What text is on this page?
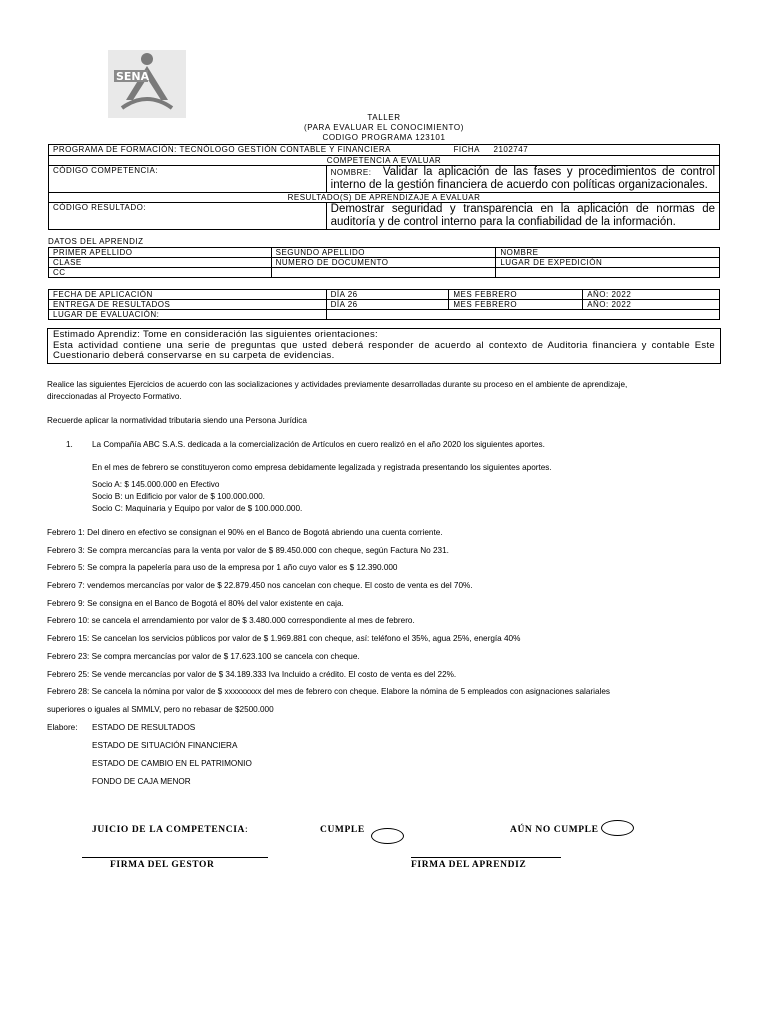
SENA
TALLER
(PARA EVALUAR EL CONOCIMIENTO)
CODIGO PROGRAMA 123101
PROGRAMA DE FORMACIÓN: TECNÓLOGO GESTIÓN CONTABLE Y FINANCIERA FICHA 2102747	

COMPETENCIA A EVALUAR	
CÓDIGO COMPETENCIA:	NOMBRE: Validar la aplicación de las fases y procedimientos de control interno de la gestión financiera de acuerdo con políticas organizacionales.
RESULTADO(S) DE APRENDIZAJE A EVALUAR	
CÓDIGO RESULTADO:	Demostrar seguridad y transparencia en la aplicación de normas de auditoría y de control interno para la confiabilidad de la información.
DATOS DEL APRENDIZ
PRIMER APELLIDO	SEGUNDO APELLIDO	NOMBRE
CLASE	NUMERO DE DOCUMENTO	LUGAR DE EXPEDICIÓN
CC		
FECHA DE APLICACIÓN	DÍA 26	MES FEBRERO	AÑO: 2022
ENTREGA DE RESULTADOS	DÍA 26	MES FEBRERO	AÑO: 2022
LUGAR DE EVALUACIÓN:			
Estimado Aprendiz: Tome en consideración las siguientes orientaciones:
Esta actividad contiene una serie de preguntas que usted deberá responder de acuerdo al contexto de Auditoria financiera y contable Este Cuestionario deberá conservarse en su carpeta de evidencias.
Realice las siguientes Ejercicios de acuerdo con las socializaciones y actividades previamente desarrolladas durante su proceso en el ambiente de aprendizaje,
direccionadas al Proyecto Formativo.
Recuerde aplicar la normatividad tributaria siendo una Persona Jurídica
1. La Compañía ABC S.A.S. dedicada a la comercialización de Artículos en cuero realizó en el año 2020 los siguientes aportes.
En el mes de febrero se constituyeron como empresa debidamente legalizada y registrada presentando los siguientes aportes.
Socio A: $ 145.000.000 en Efectivo
Socio B: un Edificio por valor de $ 100.000.000.
Socio C: Maquinaria y Equipo por valor de $ 100.000.000.
Febrero 1: Del dinero en efectivo se consignan el 90% en el Banco de Bogotá abriendo una cuenta corriente.
Febrero 3: Se compra mercancías para la venta por valor de $ 89.450.000 con cheque, según Factura No 231.
Febrero 5: Se compra la papelería para uso de la empresa por 1 año cuyo valor es $ 12.390.000
Febrero 7: vendemos mercancías por valor de $ 22.879.450 nos cancelan con cheque. El costo de venta es del 70%.
Febrero 9: Se consigna en el Banco de Bogotá el 80% del valor existente en caja.
Febrero 10: se cancela el arrendamiento por valor de $ 3.480.000 correspondiente al mes de febrero.
Febrero 15: Se cancelan los servicios públicos por valor de $ 1.969.881 con cheque, así: teléfono el 35%, agua 25%, energía 40%
Febrero 23: Se compra mercancías por valor de $ 17.623.100 se cancela con cheque.
Febrero 25: Se vende mercancías por valor de $ 34.189.333 Iva Incluido a crédito. El costo de venta es del 22%.
Febrero 28: Se cancela la nómina por valor de $ xxxxxxxxx del mes de febrero con cheque. Elabore la nómina de 5 empleados con asignaciones salariales
superiores o iguales al SMMLV, pero no rebasar de $2500.000
Elabore: ESTADO DE RESULTADOS
ESTADO DE SITUACIÓN FINANCIERA
ESTADO DE CAMBIO EN EL PATRIMONIO
FONDO DE CAJA MENOR
JUICIO DE LA COMPETENCIA:	CUMPLE	AÚN NO CUMPLE
FIRMA DEL GESTOR	FIRMA DEL APRENDIZ
